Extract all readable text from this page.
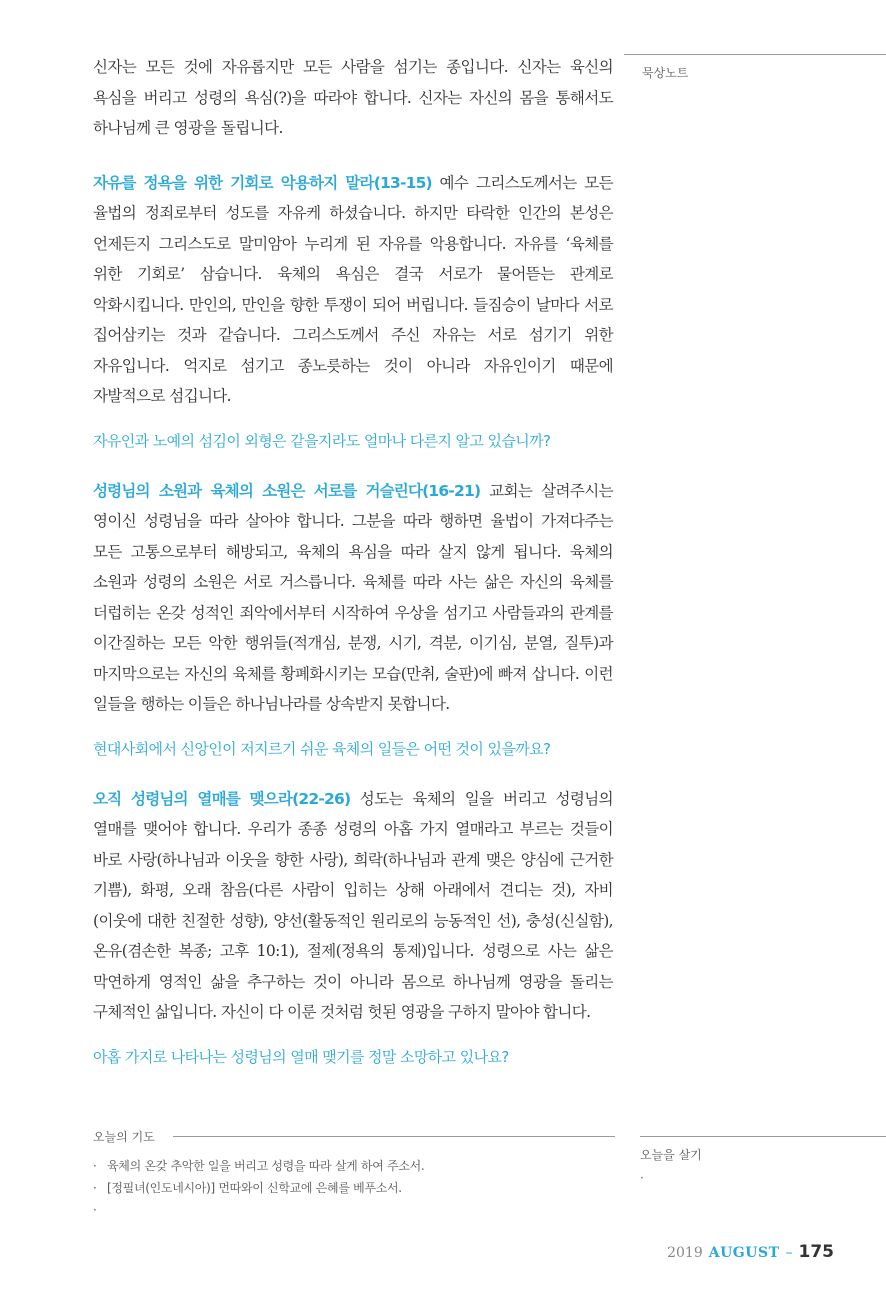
신자는 모든 것에 자유롭지만 모든 사람을 섬기는 종입니다. 신자는 육신의 욕심을 버리고 성령의 욕심(?)을 따라야 합니다. 신자는 자신의 몸을 통해서도 하나님께 큰 영광을 돌립니다.

자유를 정욕을 위한 기회로 악용하지 말라(13-15) 예수 그리스도께서는 모든 율법의 정죄로부터 성도를 자유케 하셨습니다. 하지만 타락한 인간의 본성은 언제든지 그리스도로 말미암아 누리게 된 자유를 악용합니다. 자유를 ‘육체를 위한 기회로’ 삼습니다. 육체의 욕심은 결국 서로가 물어뜯는 관계로 악화시킵니다. 만인의, 만인을 향한 투쟁이 되어 버립니다. 들짐승이 날마다 서로 집어삼키는 것과 같습니다. 그리스도께서 주신 자유는 서로 섬기기 위한 자유입니다. 억지로 섬기고 종노릇하는 것이 아니라 자유인이기 때문에 자발적으로 섬깁니다.

자유인과 노예의 섬김이 외형은 같을지라도 얼마나 다른지 알고 있습니까?

성령님의 소원과 육체의 소원은 서로를 거슬린다(16-21) 교회는 살려주시는 영이신 성령님을 따라 살아야 합니다. 그분을 따라 행하면 율법이 가져다주는 모든 고통으로부터 해방되고, 육체의 욕심을 따라 살지 않게 됩니다. 육체의 소원과 성령의 소원은 서로 거스릅니다. 육체를 따라 사는 삶은 자신의 육체를 더럽히는 온갖 성적인 죄악에서부터 시작하여 우상을 섬기고 사람들과의 관계를 이간질하는 모든 악한 행위들(적개심, 분쟁, 시기, 격분, 이기심, 분열, 질투)과 마지막으로는 자신의 육체를 황폐화시키는 모습(만취, 술판)에 빠져 삽니다. 이런 일들을 행하는 이들은 하나님나라를 상속받지 못합니다.

현대사회에서 신앙인이 저지르기 쉬운 육체의 일들은 어떤 것이 있을까요?

오직 성령님의 열매를 맺으라(22-26) 성도는 육체의 일을 버리고 성령님의 열매를 맺어야 합니다. 우리가 종종 성령의 아홉 가지 열매라고 부르는 것들이 바로 사랑(하나님과 이웃을 향한 사랑), 희락(하나님과 관계 맺은 양심에 근거한 기쁨), 화평, 오래 참음(다른 사람이 입히는 상해 아래에서 견디는 것), 자비(이웃에 대한 친절한 성향), 양선(활동적인 원리로의 능동적인 선), 충성(신실함), 온유(겸손한 복종; 고후 10:1), 절제(정욕의 통제)입니다. 성령으로 사는 삶은 막연하게 영적인 삶을 추구하는 것이 아니라 몸으로 하나님께 영광을 돌리는 구체적인 삶입니다. 자신이 다 이룬 것처럼 헛된 영광을 구하지 말아야 합니다.

아홉 가지로 나타나는 성령님의 열매 맺기를 정말 소망하고 있나요?
묵상노트
오늘의 기도
· 육체의 온갖 추악한 일을 버리고 성령을 따라 살게 하여 주소서.
· [정필녀(인도네시아)] 먼따와이 신학교에 은혜를 베푸소서.
·
오늘을 살기
·
2019 AUGUST – 175
